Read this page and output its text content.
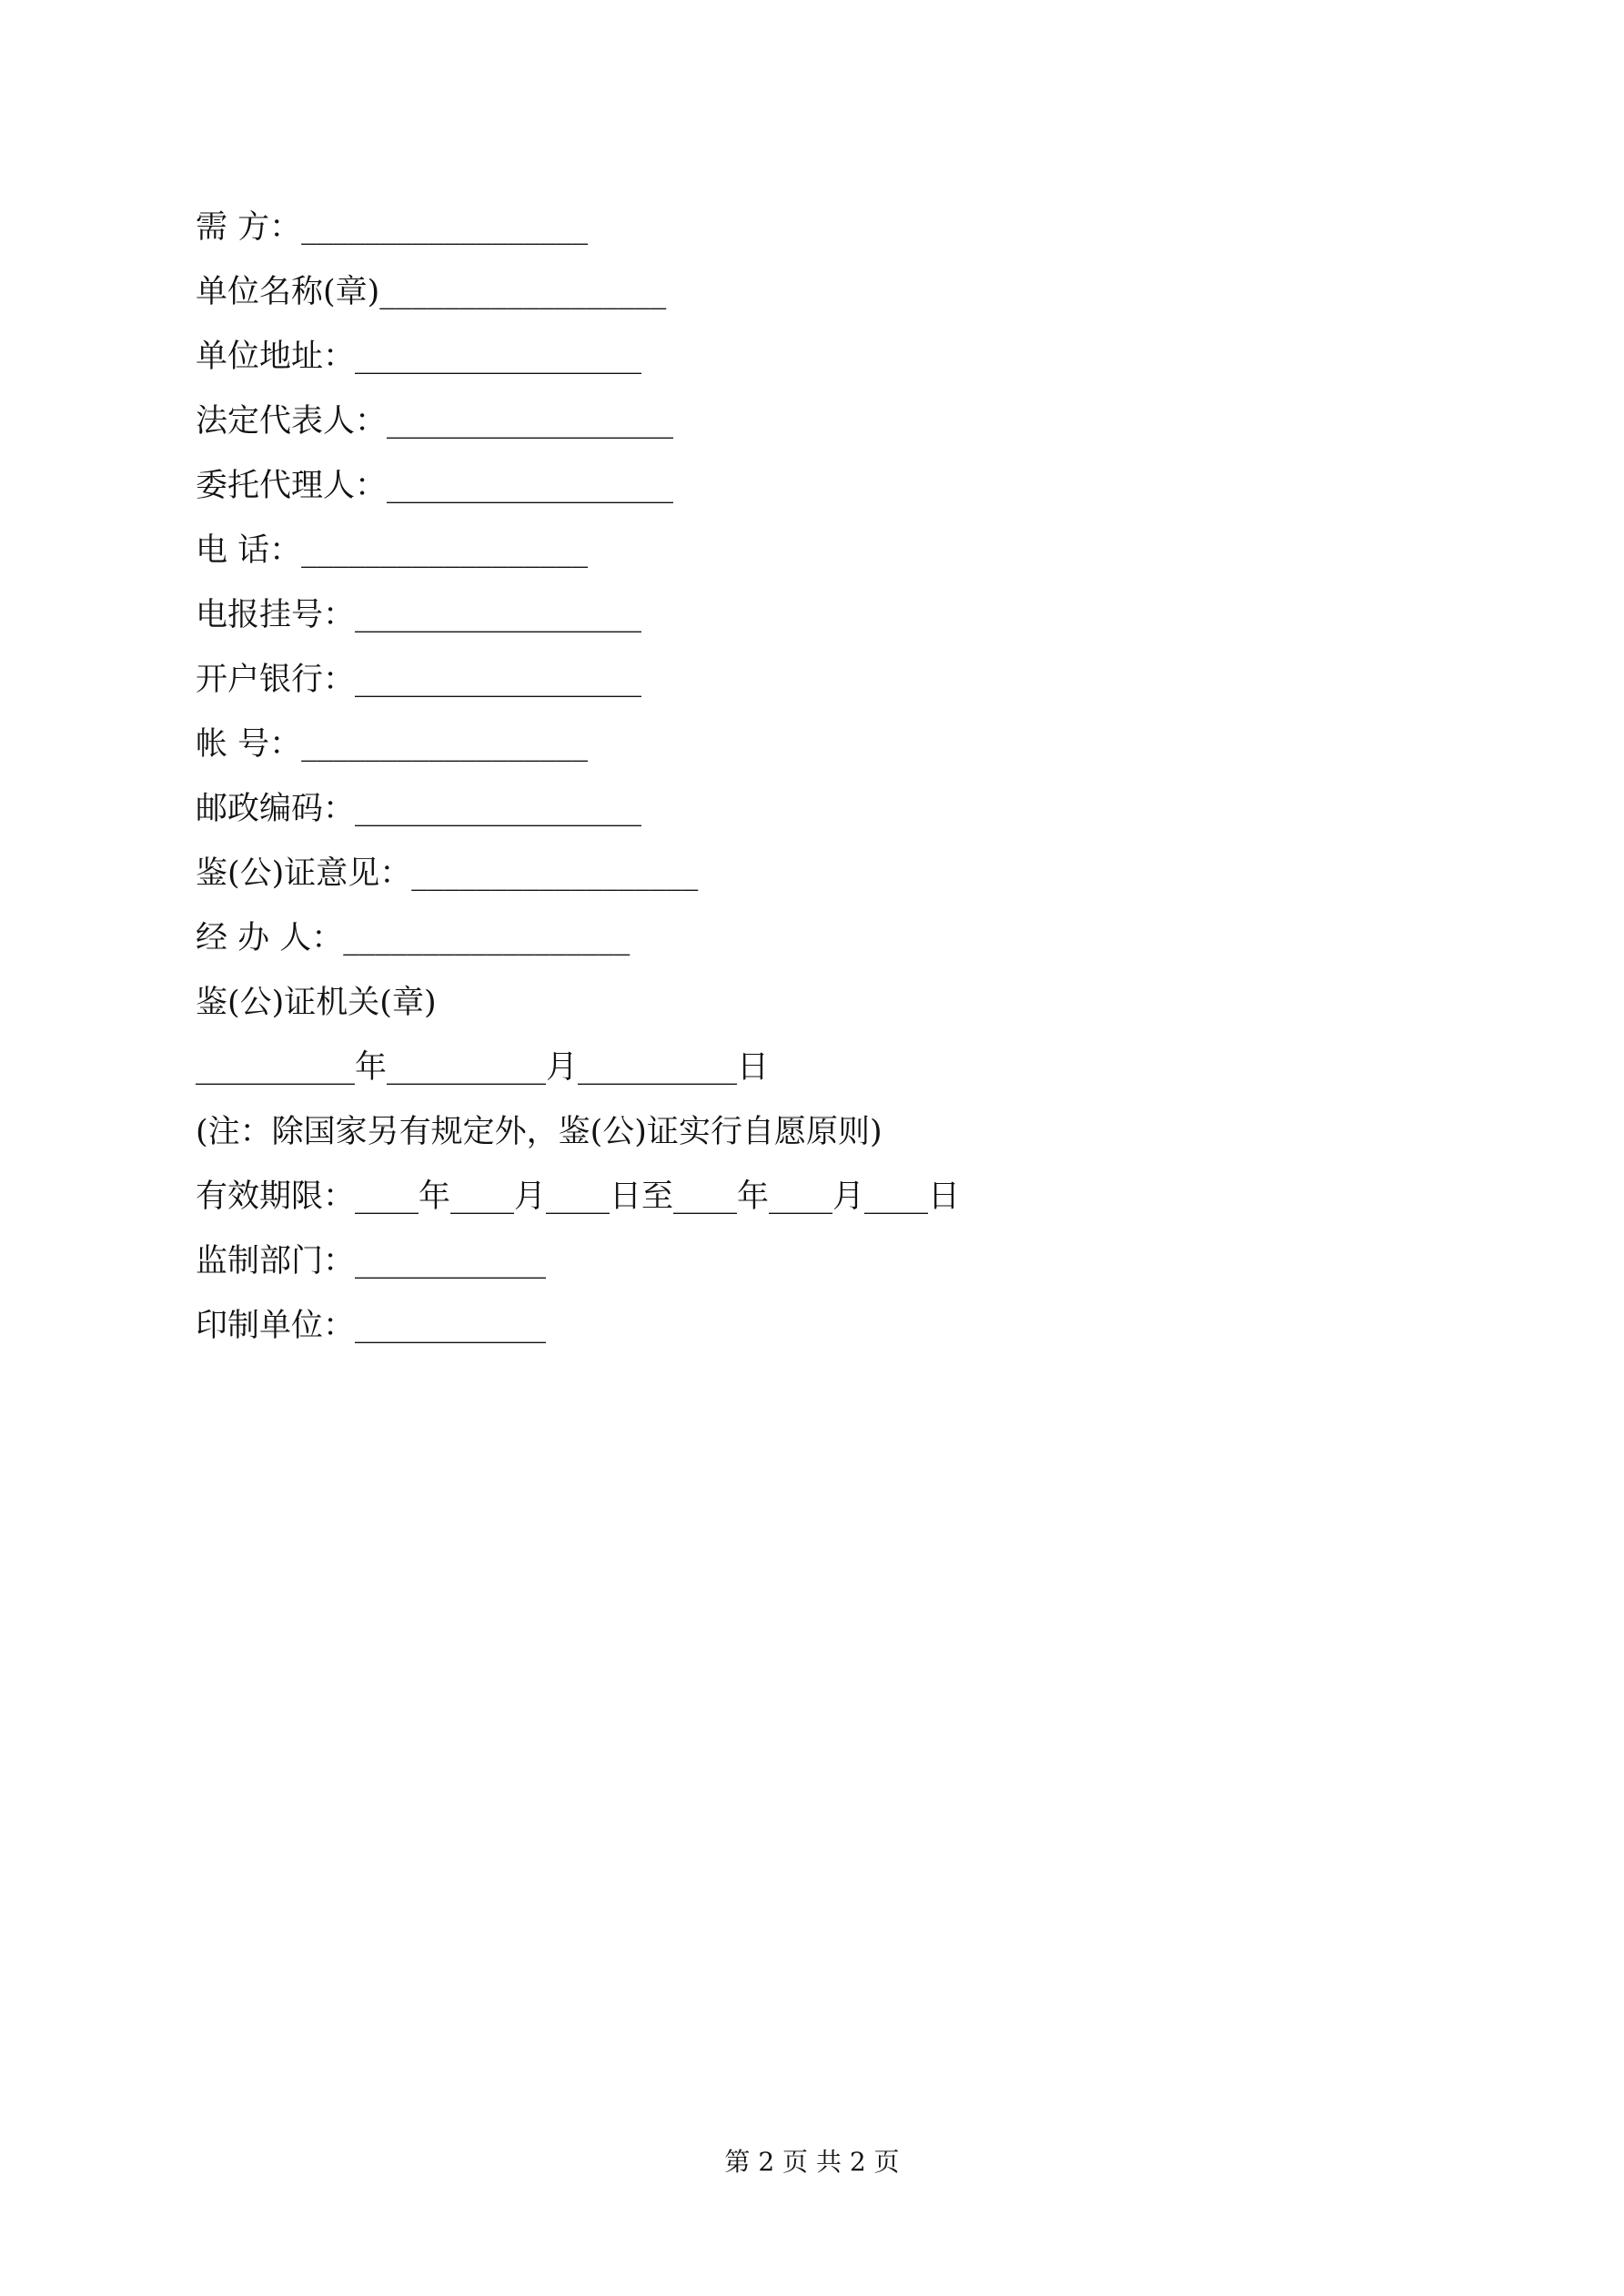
需 方：__________________
单位名称(章)__________________
单位地址：__________________
法定代表人：__________________
委托代理人：__________________
电 话：__________________
电报挂号：__________________
开户银行：__________________
帐 号：__________________
邮政编码：__________________
鉴(公)证意见：__________________
经 办 人：__________________
鉴(公)证机关(章)
__________年__________月__________日
(注：除国家另有规定外，鉴(公)证实行自愿原则)
有效期限：____年____月____日至____年____月____日
监制部门：____________
印制单位：____________
第 2 页 共 2 页
